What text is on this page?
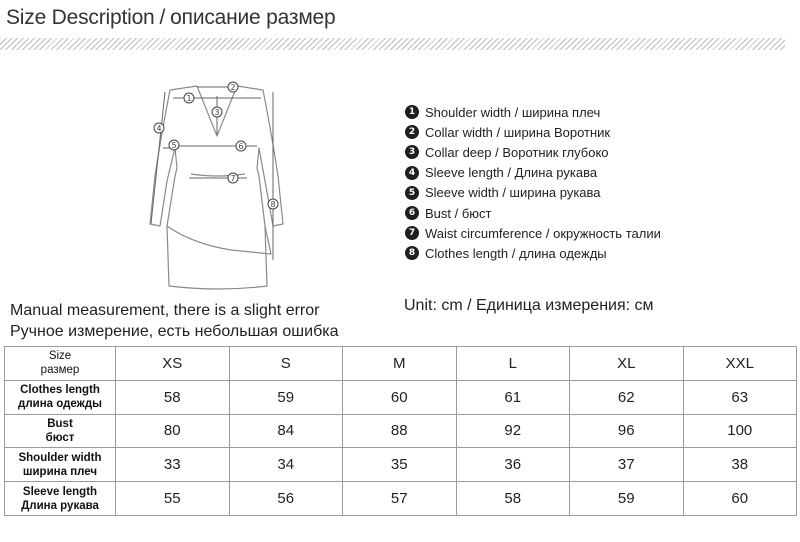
Size Description / описание размер
1
2
3
4
5	6
7
8
1 Shoulder width / ширина плеч
2 Collar width / ширина Воротник
3 Collar deep / Воротник глубоко
4 Sleeve length / Длина рукава
5 Sleeve width / ширина рукава
6 Bust / бюст
7 Waist circumference / окружность талии
8 Clothes length / длина одежды
Manual measurement, there is a slight error
Ручное измерение, есть небольшая ошибка
Unit: cm / Единица измерения: см
Size
размер	XS	S	M	L	XL	XXL

Clothes length
длина одежды	58	59	60	61	62	63

Bust
бюст	80	84	88	92	96	100

Shoulder width
ширина плеч	33	34	35	36	37	38

Sleeve length
Длина рукава	55	56	57	58	59	60
